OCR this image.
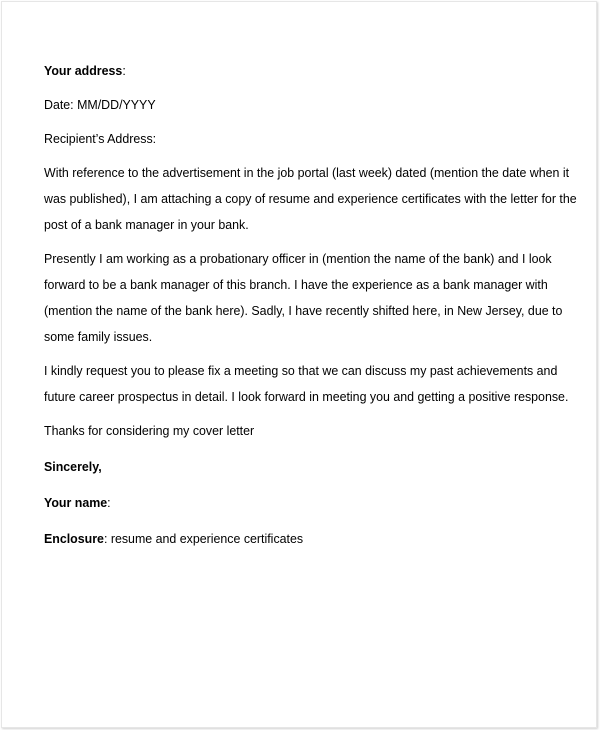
Your address:

Date: MM/DD/YYYY

Recipient’s Address:

With reference to the advertisement in the job portal (last week) dated (mention the date when it

was published), I am attaching a copy of resume and experience certificates with the letter for the

post of a bank manager in your bank.

Presently I am working as a probationary officer in (mention the name of the bank) and I look

forward to be a bank manager of this branch. I have the experience as a bank manager with

(mention the name of the bank here). Sadly, I have recently shifted here, in New Jersey, due to

some family issues.

I kindly request you to please fix a meeting so that we can discuss my past achievements and

future career prospectus in detail. I look forward in meeting you and getting a positive response.

Thanks for considering my cover letter

Sincerely,

Your name:

Enclosure: resume and experience certificates
